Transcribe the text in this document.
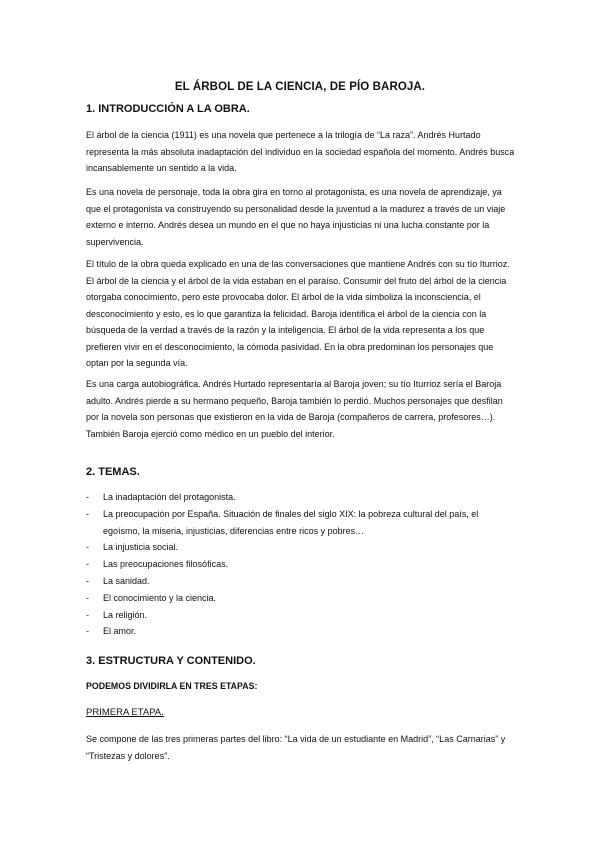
EL ÁRBOL DE LA CIENCIA, DE PÍO BAROJA.
1. INTRODUCCIÓN A LA OBRA.
El árbol de la ciencia (1911) es una novela que pertenece a la trilogía de “La raza”. Andrés Hurtado representa la más absoluta inadaptación del individuo en la sociedad española del momento. Andrés busca incansablemente un sentido a la vida.
Es una novela de personaje, toda la obra gira en torno al protagonista, es una novela de aprendizaje, ya que el protagonista va construyendo su personalidad desde la juventud a la madurez a través de un viaje externo e interno. Andrés desea un mundo en el que no haya injusticias ni una lucha constante por la supervivencia.
El título de la obra queda explicado en una de las conversaciones que mantiene Andrés con su tío Iturrioz. El árbol de la ciencia y el árbol de la vida estaban en el paraíso. Consumir del fruto del árbol de la ciencia otorgaba conocimiento, pero este provocaba dolor. El árbol de la vida simboliza la inconsciencia, el desconocimiento y esto, es lo que garantiza la felicidad. Baroja identifica el árbol de la ciencia con la búsqueda de la verdad a través de la razón y la inteligencia. El árbol de la vida representa a los que prefieren vivir en el desconocimiento, la cómoda pasividad. En la obra predominan los personajes que optan por la segunda vía.
Es una carga autobiográfica. Andrés Hurtado representaría al Baroja joven; su tío Iturrioz sería el Baroja adulto. Andrés pierde a su hermano pequeño, Baroja también lo perdió. Muchos personajes que desfilan por la novela son personas que existieron en la vida de Baroja (compañeros de carrera, profesores…). También Baroja ejerció como médico en un pueblo del interior.
2. TEMAS.
- La inadaptación del protagonista.
- La preocupación por España. Situación de finales del siglo XIX: la pobreza cultural del país, el egoísmo, la miseria, injusticias, diferencias entre ricos y pobres…
- La injusticia social.
- Las preocupaciones filosóficas.
- La sanidad.
- El conocimiento y la ciencia.
- La religión.
- El amor.
3. ESTRUCTURA Y CONTENIDO.
PODEMOS DIVIDIRLA EN TRES ETAPAS:
PRIMERA ETAPA.
Se compone de las tres primeras partes del libro: “La vida de un estudiante en Madrid”, “Las Carnarias” y “Tristezas y dolores”.
